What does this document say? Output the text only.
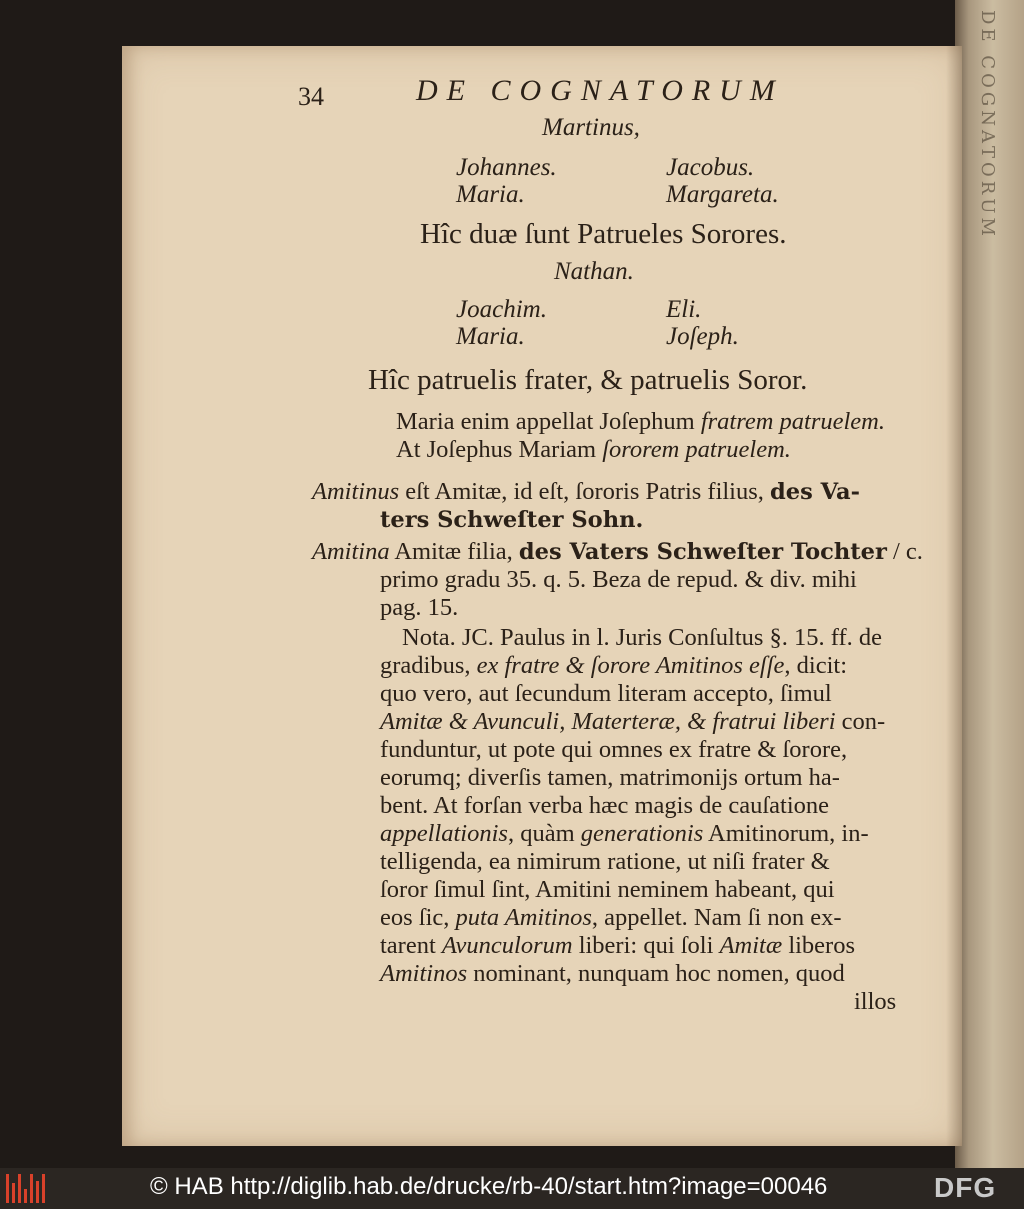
DE COGNATORUM
34	DE COGNATORUM
Martinus,
Johannes.	Jacobus.
Maria.	Margareta.
Hîc duæ ſunt Patrueles Sorores.
Nathan.
Joachim.	Eli.
Maria.	Joſeph.
Hîc patruelis frater, & patruelis Soror.
Maria enim appellat Joſephum fratrem patruelem.
At Joſephus Mariam ſororem patruelem.
Amitinus eſt Amitæ, id eſt, ſororis Patris filius, des Va-
ters Schweſter Sohn.
Amitina Amitæ filia, des Vaters Schweſter Tochter / c.
primo gradu 35. q. 5. Beza de repud. & div. mihi
pag. 15.
Nota. JC. Paulus in l. Juris Conſultus §. 15. ff. de
gradibus, ex fratre & ſorore Amitinos eſſe, dicit:
quo vero, aut ſecundum literam accepto, ſimul
Amitæ & Avunculi, Materteræ, & fratrui liberi con-
funduntur, ut pote qui omnes ex fratre & ſorore,
eorumq; diverſis tamen, matrimonijs ortum ha-
bent. At forſan verba hæc magis de cauſatione
appellationis, quàm generationis Amitinorum, in-
telligenda, ea nimirum ratione, ut niſi frater &
ſoror ſimul ſint, Amitini neminem habeant, qui
eos ſic, puta Amitinos, appellet. Nam ſi non ex-
tarent Avunculorum liberi: qui ſoli Amitæ liberos
Amitinos nominant, nunquam hoc nomen, quod
illos
© HAB http://diglib.hab.de/drucke/rb-40/start.htm?image=00046	DFG
